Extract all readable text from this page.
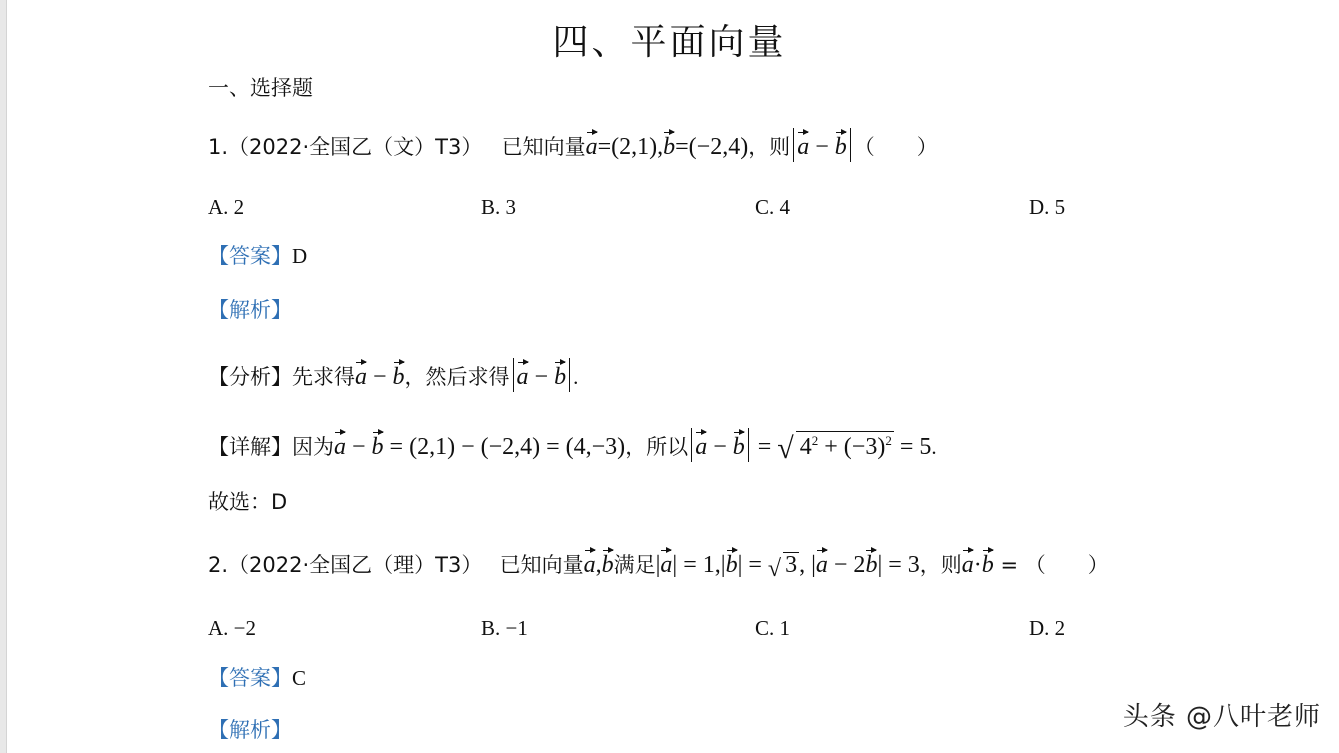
四、平面向量
一、选择题
1.（2022·全国乙（文）T3） 已知向量a=(2,1),b=(−2,4)，则 a − b （　　）
A. 2	B. 3	C. 4	D. 5
【答案】D
【解析】
【分析】先求得a − b，然后求得 a − b .
【详解】因为a − b = (2,1) − (−2,4) = (4,−3)，所以 a − b = √ $4^2 + (-3)^2 = 5$.
故选：D
2.（2022·全国乙（理）T3） 已知向量a,b满足|a| = 1,|b| = √ 3, |a − 2b| = 3，则a·b = （　　）
A. −2	B. −1	C. 1	D. 2
【答案】C
【解析】	头条 @八叶老师
